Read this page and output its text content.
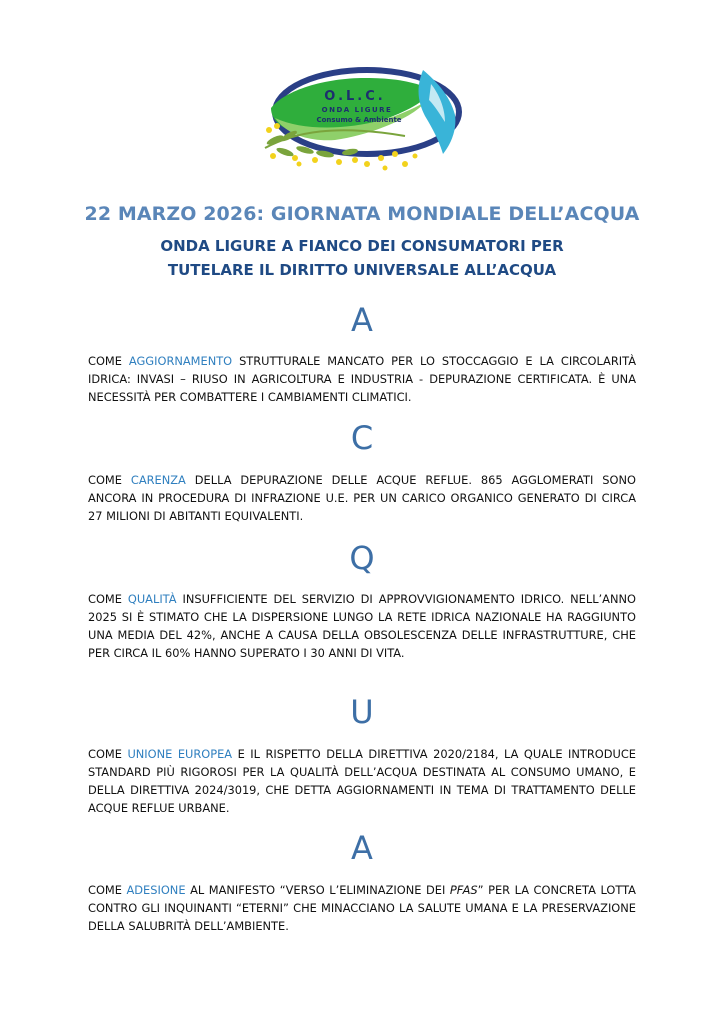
O.L.C.
ONDA LIGURE
Consumo & Ambiente
22 MARZO 2026: GIORNATA MONDIALE DELL’ACQUA
ONDA LIGURE A FIANCO DEI CONSUMATORI PER
TUTELARE IL DIRITTO UNIVERSALE ALL’ACQUA
A

COME AGGIORNAMENTO STRUTTURALE MANCATO PER LO STOCCAGGIO E LA CIRCOLARITÀ IDRICA: INVASI – RIUSO IN AGRICOLTURA E INDUSTRIA - DEPURAZIONE CERTIFICATA. È UNA NECESSITÀ PER COMBATTERE I CAMBIAMENTI CLIMATICI.

C

COME CARENZA DELLA DEPURAZIONE DELLE ACQUE REFLUE. 865 AGGLOMERATI SONO ANCORA IN PROCEDURA DI INFRAZIONE U.E. PER UN CARICO ORGANICO GENERATO DI CIRCA 27 MILIONI DI ABITANTI EQUIVALENTI.

Q

COME QUALITÀ INSUFFICIENTE DEL SERVIZIO DI APPROVVIGIONAMENTO IDRICO. NELL’ANNO 2025 SI È STIMATO CHE LA DISPERSIONE LUNGO LA RETE IDRICA NAZIONALE HA RAGGIUNTO UNA MEDIA DEL 42%, ANCHE A CAUSA DELLA OBSOLESCENZA DELLE INFRASTRUTTURE, CHE PER CIRCA IL 60% HANNO SUPERATO I 30 ANNI DI VITA.

U

COME UNIONE EUROPEA E IL RISPETTO DELLA DIRETTIVA 2020/2184, LA QUALE INTRODUCE STANDARD PIÙ RIGOROSI PER LA QUALITÀ DELL’ACQUA DESTINATA AL CONSUMO UMANO, E DELLA DIRETTIVA 2024/3019, CHE DETTA AGGIORNAMENTI IN TEMA DI TRATTAMENTO DELLE ACQUE REFLUE URBANE.

A

COME ADESIONE AL MANIFESTO “VERSO L’ELIMINAZIONE DEI PFAS” PER LA CONCRETA LOTTA CONTRO GLI INQUINANTI “ETERNI” CHE MINACCIANO LA SALUTE UMANA E LA PRESERVAZIONE DELLA SALUBRITÀ DELL’AMBIENTE.
